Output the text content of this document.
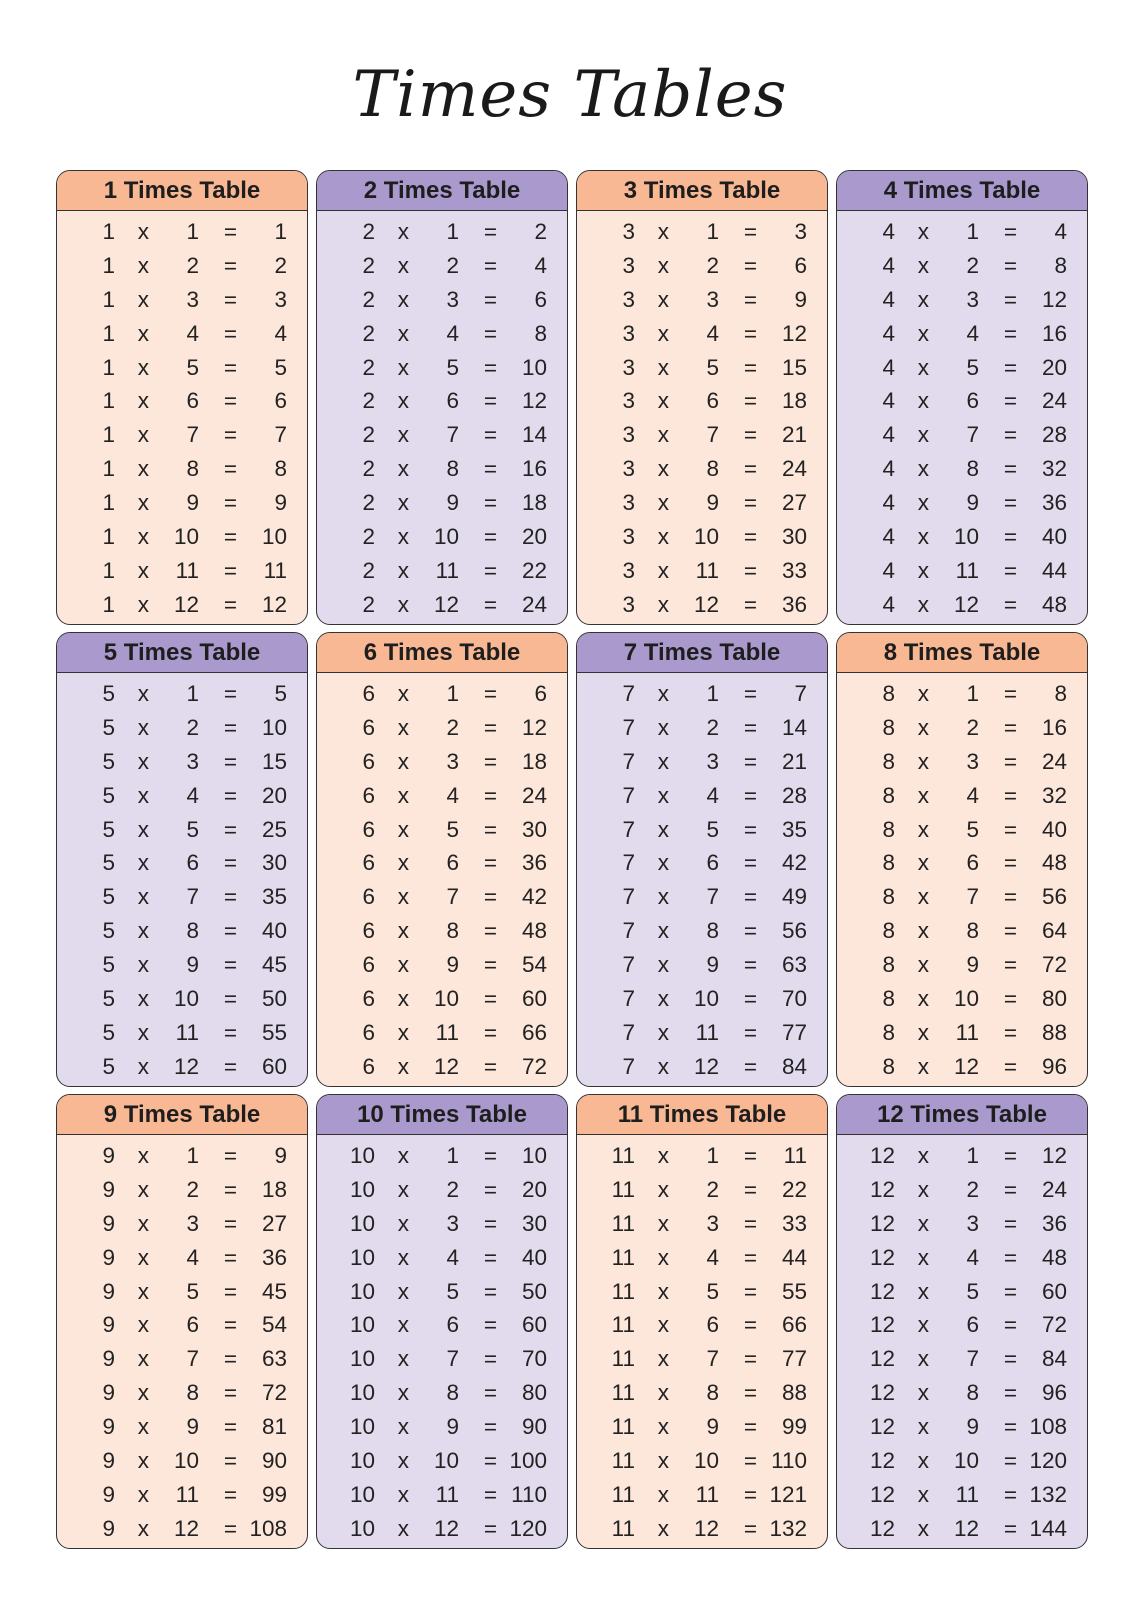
Times Tables
1 Times Table
1	x	1	=	1
1	x	2	=	2
1	x	3	=	3
1	x	4	=	4
1	x	5	=	5
1	x	6	=	6
1	x	7	=	7
1	x	8	=	8
1	x	9	=	9
1	x	10	=	10
1	x	11	=	11
1	x	12	=	12
2 Times Table
2	x	1	=	2
2	x	2	=	4
2	x	3	=	6
2	x	4	=	8
2	x	5	=	10
2	x	6	=	12
2	x	7	=	14
2	x	8	=	16
2	x	9	=	18
2	x	10	=	20
2	x	11	=	22
2	x	12	=	24
3 Times Table
3	x	1	=	3
3	x	2	=	6
3	x	3	=	9
3	x	4	=	12
3	x	5	=	15
3	x	6	=	18
3	x	7	=	21
3	x	8	=	24
3	x	9	=	27
3	x	10	=	30
3	x	11	=	33
3	x	12	=	36
4 Times Table
4	x	1	=	4
4	x	2	=	8
4	x	3	=	12
4	x	4	=	16
4	x	5	=	20
4	x	6	=	24
4	x	7	=	28
4	x	8	=	32
4	x	9	=	36
4	x	10	=	40
4	x	11	=	44
4	x	12	=	48
5 Times Table
5	x	1	=	5
5	x	2	=	10
5	x	3	=	15
5	x	4	=	20
5	x	5	=	25
5	x	6	=	30
5	x	7	=	35
5	x	8	=	40
5	x	9	=	45
5	x	10	=	50
5	x	11	=	55
5	x	12	=	60
6 Times Table
6	x	1	=	6
6	x	2	=	12
6	x	3	=	18
6	x	4	=	24
6	x	5	=	30
6	x	6	=	36
6	x	7	=	42
6	x	8	=	48
6	x	9	=	54
6	x	10	=	60
6	x	11	=	66
6	x	12	=	72
7 Times Table
7	x	1	=	7
7	x	2	=	14
7	x	3	=	21
7	x	4	=	28
7	x	5	=	35
7	x	6	=	42
7	x	7	=	49
7	x	8	=	56
7	x	9	=	63
7	x	10	=	70
7	x	11	=	77
7	x	12	=	84
8 Times Table
8	x	1	=	8
8	x	2	=	16
8	x	3	=	24
8	x	4	=	32
8	x	5	=	40
8	x	6	=	48
8	x	7	=	56
8	x	8	=	64
8	x	9	=	72
8	x	10	=	80
8	x	11	=	88
8	x	12	=	96
9 Times Table
9	x	1	=	9
9	x	2	=	18
9	x	3	=	27
9	x	4	=	36
9	x	5	=	45
9	x	6	=	54
9	x	7	=	63
9	x	8	=	72
9	x	9	=	81
9	x	10	=	90
9	x	11	=	99
9	x	12	= 108
10 Times Table
10	x	1	=	10
10	x	2	=	20
10	x	3	=	30
10	x	4	=	40
10	x	5	=	50
10	x	6	=	60
10	x	7	=	70
10	x	8	=	80
10	x	9	=	90
10	x	10	= 100
10	x	11	= 110
10	x	12	= 120
11 Times Table
11	x	1	=	11
11	x	2	=	22
11	x	3	=	33
11	x	4	=	44
11	x	5	=	55
11	x	6	=	66
11	x	7	=	77
11	x	8	=	88
11	x	9	=	99
11	x	10	= 110
11	x	11	= 121
11	x	12	= 132
12 Times Table
12	x	1	=	12
12	x	2	=	24
12	x	3	=	36
12	x	4	=	48
12	x	5	=	60
12	x	6	=	72
12	x	7	=	84
12	x	8	=	96
12	x	9	= 108
12	x	10	= 120
12	x	11	= 132
12	x	12	= 144
